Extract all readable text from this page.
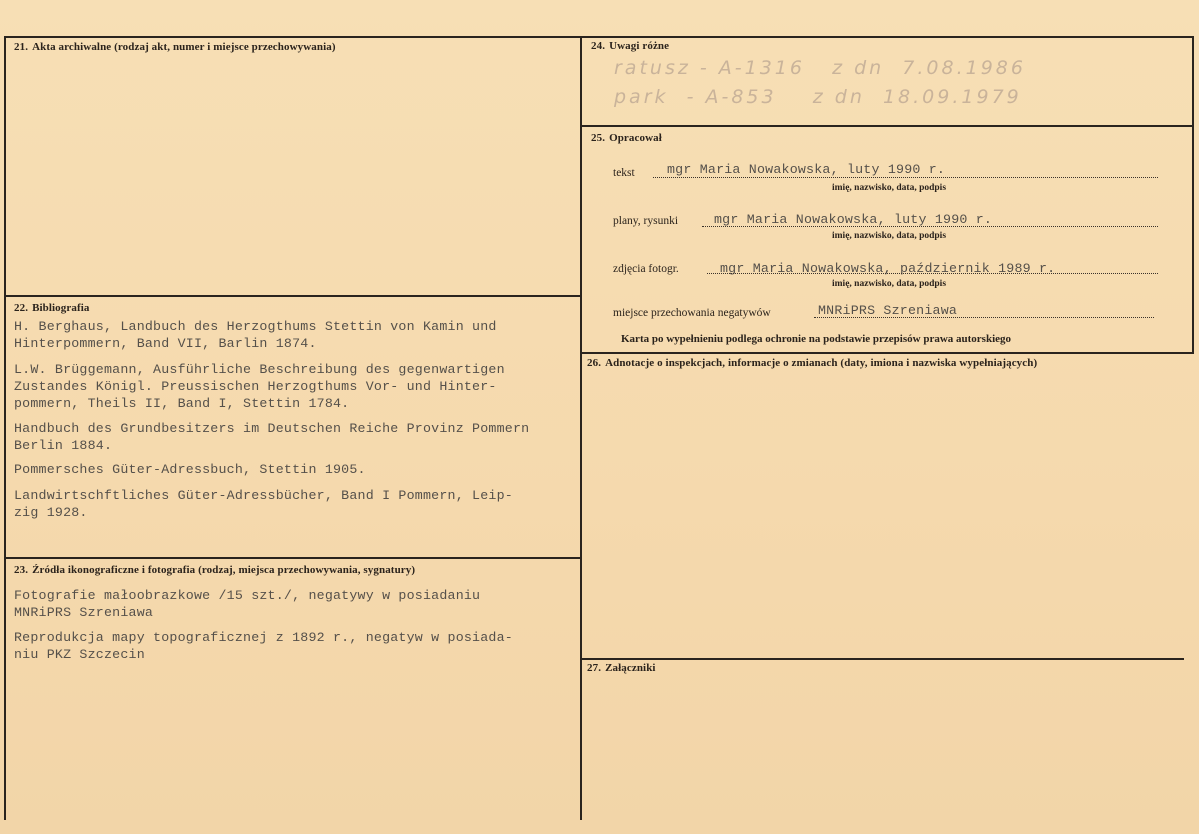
21. Akta archiwalne (rodzaj akt, numer i miejsce przechowywania)
22. Bibliografia
H. Berghaus, Landbuch des Herzogthums Stettin von Kamin und
Hinterpommern, Band VII, Barlin 1874.
L.W. Brüggemann, Ausführliche Beschreibung des gegenwartigen
Zustandes Königl. Preussischen Herzogthums Vor- und Hinter-
pommern, Theils II, Band I, Stettin 1784.
Handbuch des Grundbesitzers im Deutschen Reiche Provinz Pommern
Berlin 1884.
Pommersches Güter-Adressbuch, Stettin 1905.
Landwirtschftliches Güter-Adressbücher, Band I Pommern, Leip-
zig 1928.
23. Źródła ikonograficzne i fotografia (rodzaj, miejsca przechowywania, sygnatury)
Fotografie małoobrazkowe /15 szt./, negatywy w posiadaniu
MNRiPRS Szreniawa
Reprodukcja mapy topograficznej z 1892 r., negatyw w posiada-
niu PKZ Szczecin
24. Uwagi różne
ratusz - A-1316   z dn  7.08.1986
park  - A-853    z dn  18.09.1979
25. Opracował
tekst mgr Maria Nowakowska, luty 1990 r.
imię, nazwisko, data, podpis
plany, rysunki	mgr Maria Nowakowska, luty 1990 r.
imię, nazwisko, data, podpis
zdjęcia fotogr.	mgr Maria Nowakowska, październik 1989 r.
imię, nazwisko, data, podpis
miejsce przechowania negatywów	MNRiPRS Szreniawa
Karta po wypełnieniu podlega ochronie na podstawie przepisów prawa autorskiego
26. Adnotacje o inspekcjach, informacje o zmianach (daty, imiona i nazwiska wypełniających)
27. Załączniki
